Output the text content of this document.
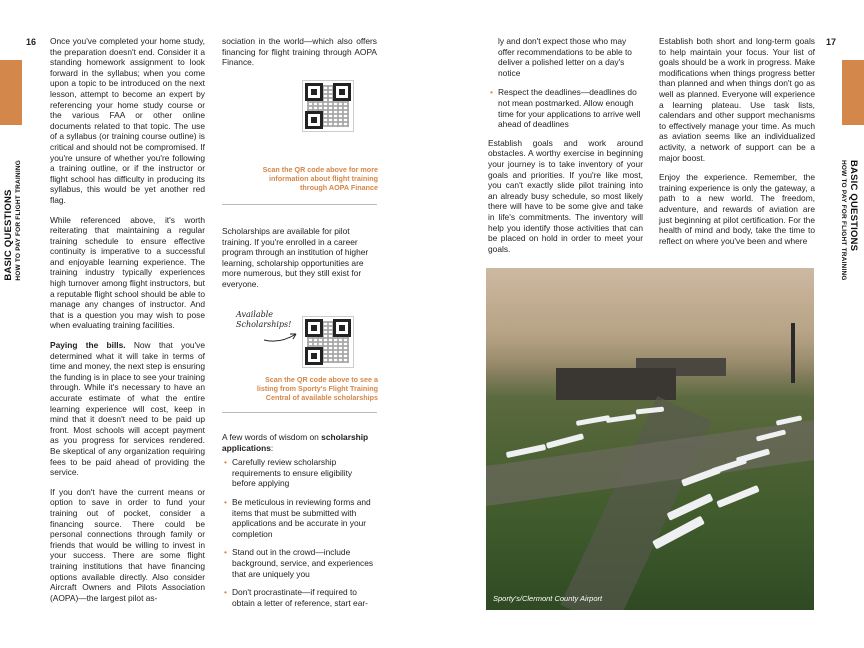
16	17
BASIC QUESTIONS
HOW TO PAY FOR FLIGHT TRAINING	BASIC QUESTIONS
HOW TO PAY FOR FLIGHT TRAINING

Once you've completed your home study, the preparation doesn't end. Consider it a standing homework assignment to look forward in the syllabus; when you come upon a topic to be introduced on the next lesson, attempt to become an expert by referencing your home study course or the various FAA or other online documents related to that topic. The use of a syllabus (or training course outline) is critical and should not be compromised. If you're unsure of whether you're following a training outline, or if the instructor or flight school has difficulty in producing its syllabus, this would be yet another red flag.

While referenced above, it's worth reiterating that maintaining a regular training schedule to ensure effective continuity is imperative to a successful and enjoyable learning experience. The training industry typically experiences high turnover among flight instructors, but a reputable flight school should be able to manage any changes of instructor. And that is a question you may wish to pose when evaluating training facilities.

Paying the bills. Now that you've determined what it will take in terms of time and money, the next step is ensuring the funding is in place to see your training through. While it's necessary to have an accurate estimate of what the entire learning experience will cost, keep in mind that it doesn't need to be paid up front. Most schools will accept payment as you progress for services rendered. Be skeptical of any organization requiring fees to be paid ahead of providing the service.

If you don't have the current means or option to save in order to fund your training out of pocket, consider a financing source. There could be personal connections through family or friends that would be willing to invest in your success. There are some flight training institutions that have financing options available directly. Also consider Aircraft Owners and Pilots Association (AOPA)—the largest pilot as-

sociation in the world—which also offers financing for flight training through AOPA Finance.

Scan the QR code above for more information about flight training through AOPA Finance

Scholarships are available for pilot training. If you're enrolled in a career program through an institution of higher learning, scholarship opportunities are more numerous, but they still exist for everyone.

Available Scholarships!
Scan the QR code above to see a listing from Sporty's Flight Training Central of available scholarships

A few words of wisdom on scholarship applications:

• Carefully review scholarship requirements to ensure eligibility before applying
• Be meticulous in reviewing forms and items that must be submitted with applications and be accurate in your completion
• Stand out in the crowd—include background, service, and experiences that are uniquely you
• Don't procrastinate—if required to obtain a letter of reference, start ear-

ly and don't expect those who may offer recommendations to be able to deliver a polished letter on a day's notice

• Respect the deadlines—deadlines do not mean postmarked. Allow enough time for your applications to arrive well ahead of deadlines

Establish goals and work around obstacles. A worthy exercise in beginning your journey is to take inventory of your goals and priorities. If you're like most, you can't exactly slide pilot training into an already busy schedule, so most likely there will have to be some give and take in life's commitments. The inventory will help you identify those activities that can be placed on hold in order to meet your goals.

Establish both short and long-term goals to help maintain your focus. Your list of goals should be a work in progress. Make modifications when things progress better than planned and when things don't go as well as planned. Everyone will experience a learning plateau. Use task lists, calendars and other support mechanisms to effectively manage your time. As much as aviation seems like an individualized activity, a network of support can be a major boost.

Enjoy the experience. Remember, the training experience is only the gateway, a path to a new world. The freedom, adventure, and rewards of aviation are just beginning at pilot certification. For the health of mind and body, take the time to reflect on where you've been and where

Sporty's/Clermont County Airport
